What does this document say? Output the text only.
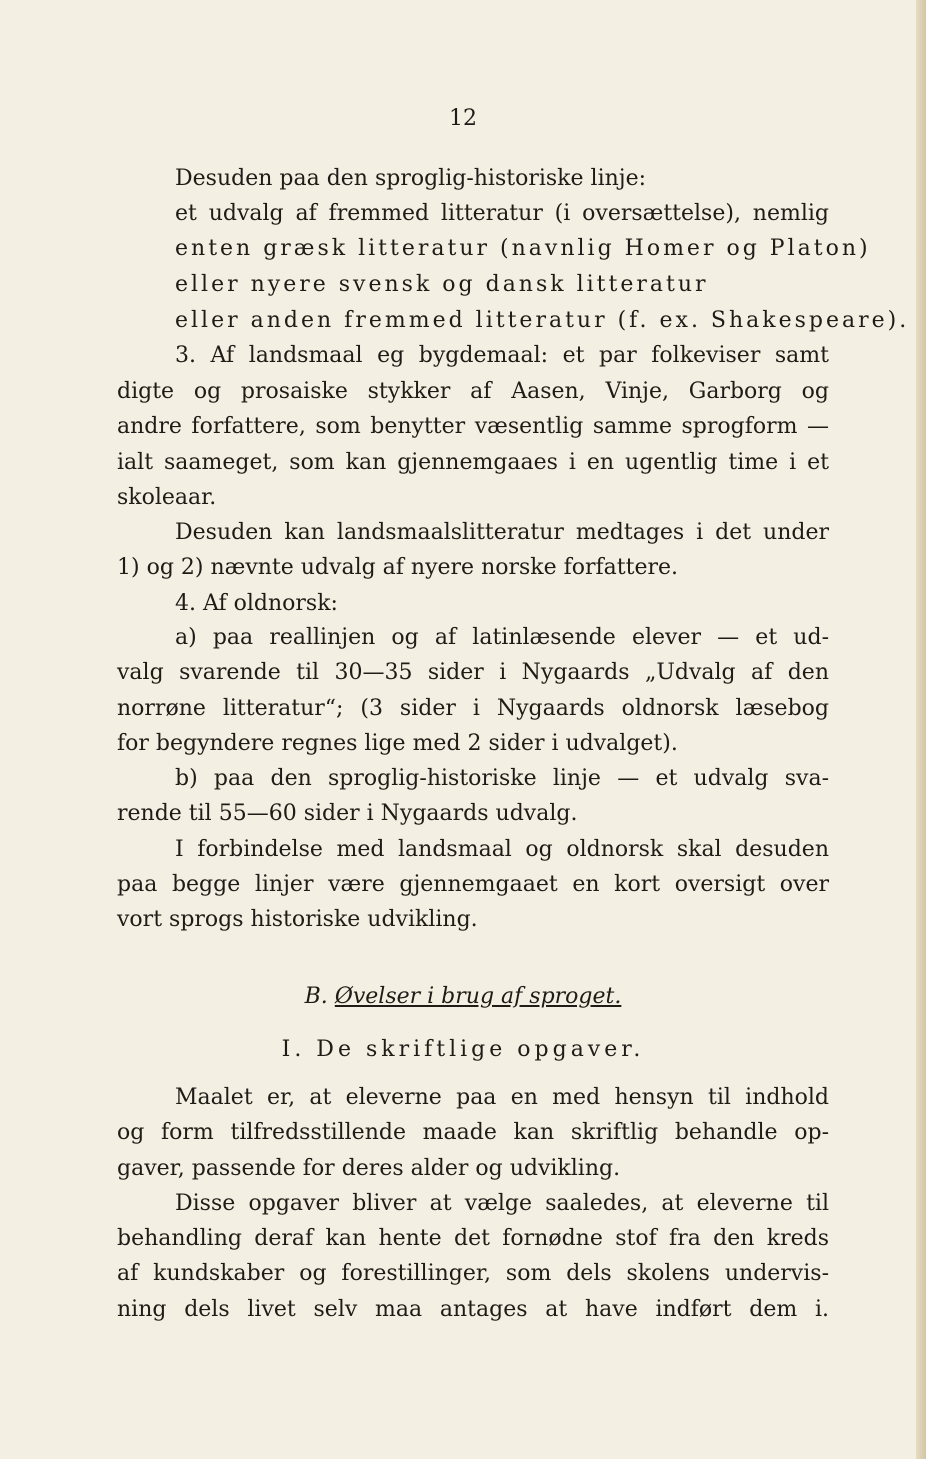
12
Desuden paa den sproglig-historiske linje:
et udvalg af fremmed litteratur (i oversættelse), nemlig
enten græsk litteratur (navnlig Homer og Platon)
eller nyere svensk og dansk litteratur
eller anden fremmed litteratur (f. ex. Shakespeare).
3. Af landsmaal eg bygdemaal: et par folkeviser samt
digte og prosaiske stykker af Aasen, Vinje, Garborg og
andre forfattere, som benytter væsentlig samme sprogform —
ialt saameget, som kan gjennemgaaes i en ugentlig time i et
skoleaar.
Desuden kan landsmaalslitteratur medtages i det under
1) og 2) nævnte udvalg af nyere norske forfattere.
4. Af oldnorsk:
a) paa reallinjen og af latinlæsende elever — et ud-
valg svarende til 30—35 sider i Nygaards „Udvalg af den
norrøne litteratur“; (3 sider i Nygaards oldnorsk læsebog
for begyndere regnes lige med 2 sider i udvalget).
b) paa den sproglig-historiske linje — et udvalg sva-
rende til 55—60 sider i Nygaards udvalg.
I forbindelse med landsmaal og oldnorsk skal desuden
paa begge linjer være gjennemgaaet en kort oversigt over
vort sprogs historiske udvikling.
B. Øvelser i brug af sproget.
I. De skriftlige opgaver.
Maalet er, at eleverne paa en med hensyn til indhold
og form tilfredsstillende maade kan skriftlig behandle op-
gaver, passende for deres alder og udvikling.
Disse opgaver bliver at vælge saaledes, at eleverne til
behandling deraf kan hente det fornødne stof fra den kreds
af kundskaber og forestillinger, som dels skolens undervis-
ning dels livet selv maa antages at have indført dem i.
